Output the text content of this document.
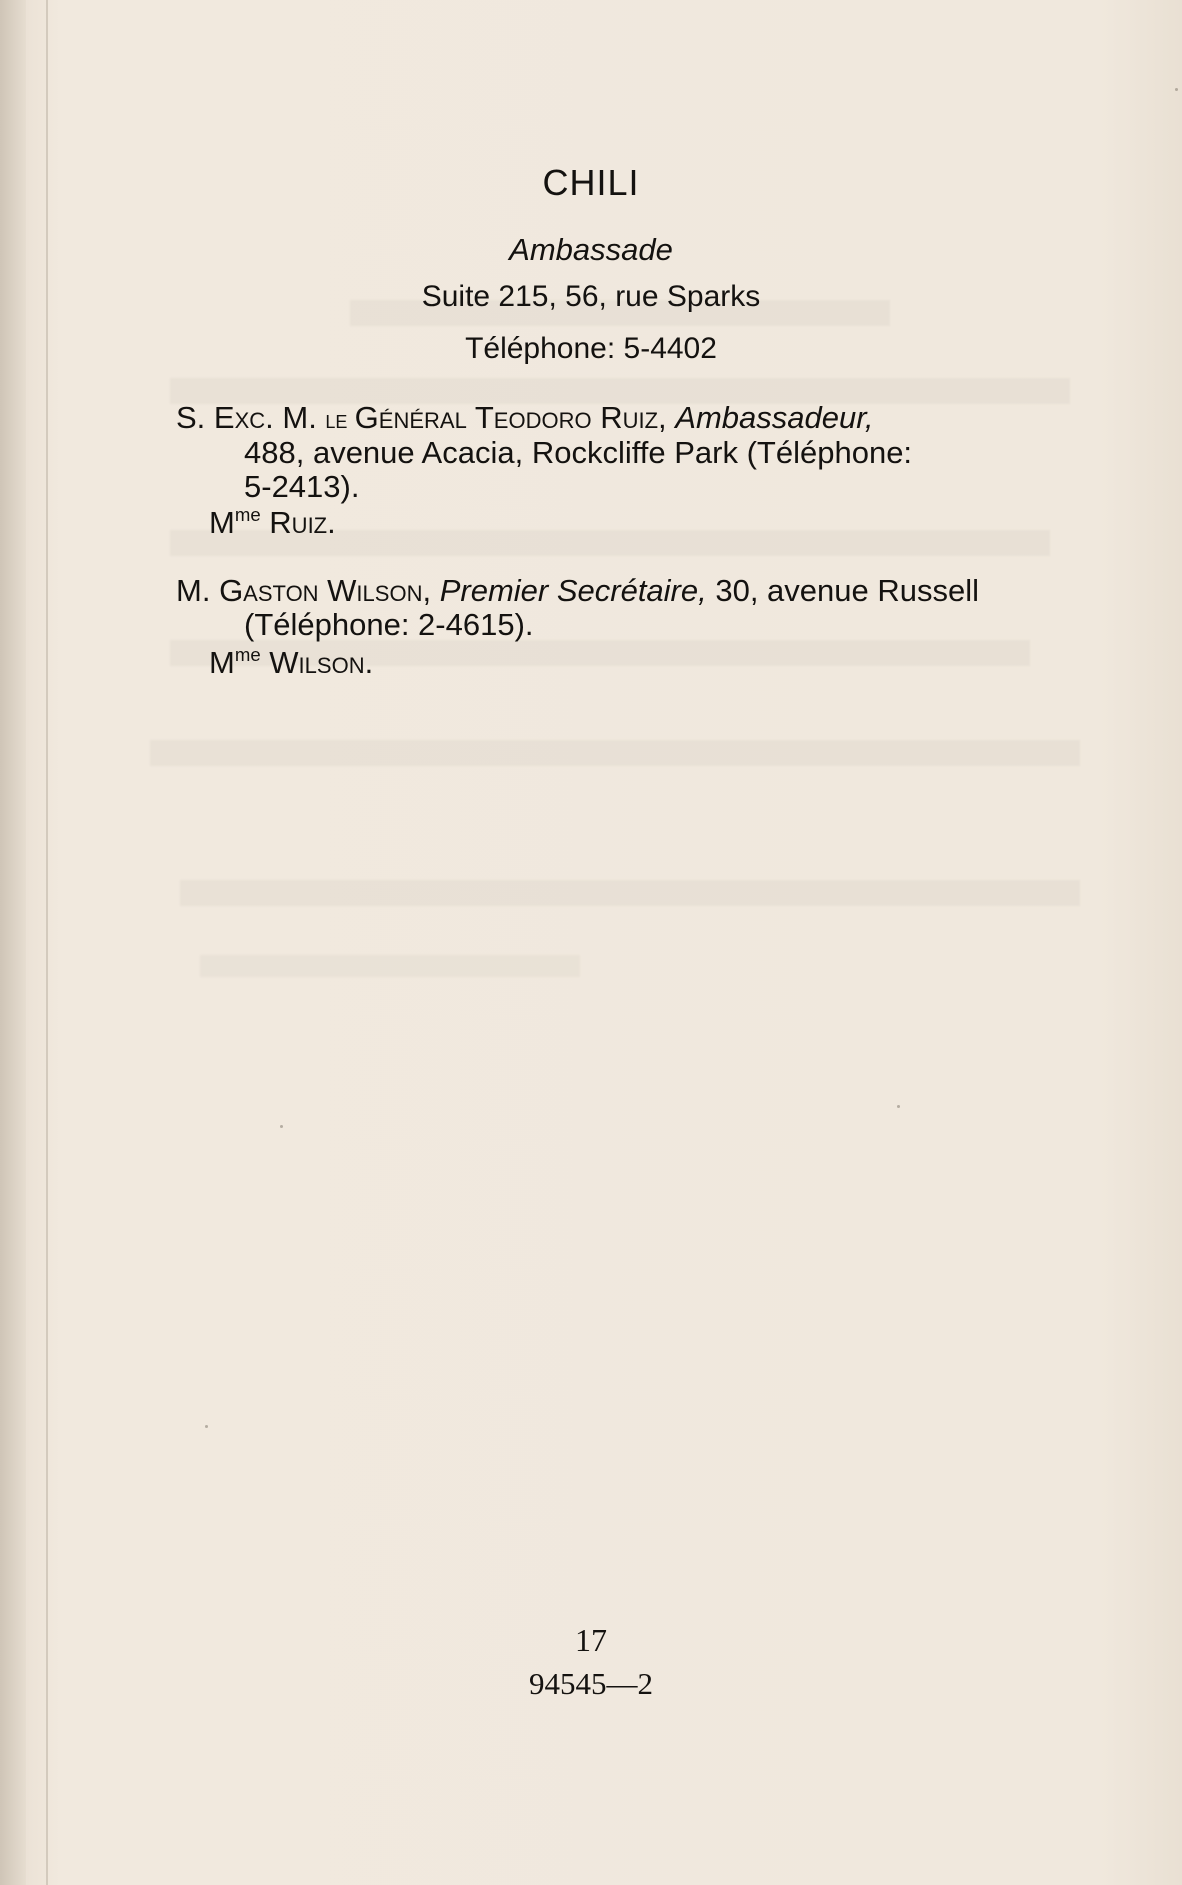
CHILI
Ambassade
Suite 215, 56, rue Sparks
Téléphone: 5-4402
S. Exc. M. le Général Teodoro Ruiz, Ambassadeur,
488, avenue Acacia, Rockcliffe Park (Téléphone:
5-2413).
$M^{me}$ Ruiz.
M. Gaston Wilson, Premier Secrétaire, 30, avenue Russell
(Téléphone: 2-4615).
$M^{me}$ Wilson.
17
94545—2
